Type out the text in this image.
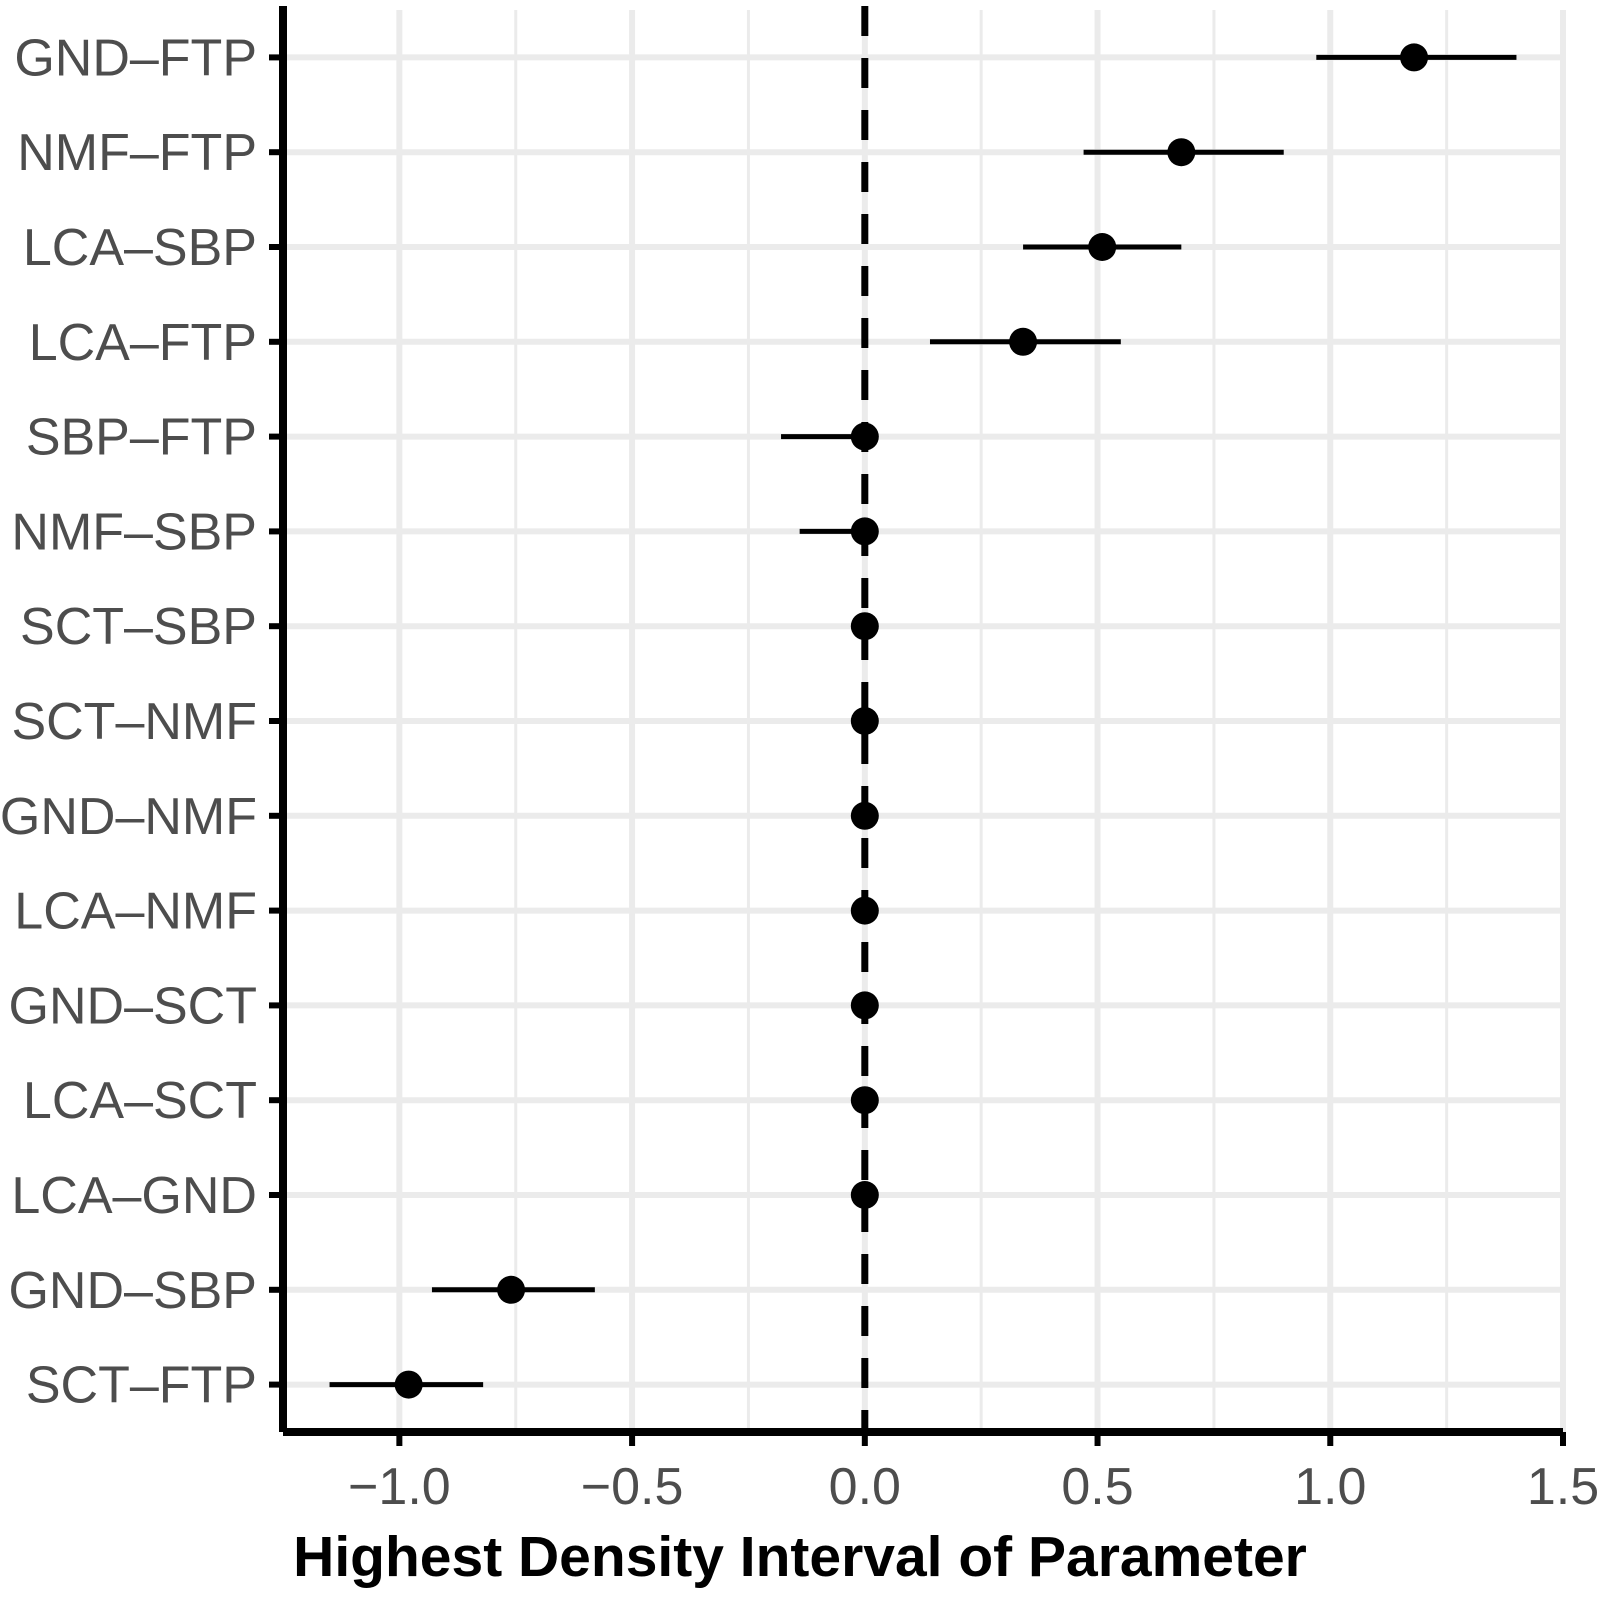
GND–FTP
NMF–FTP
LCA–SBP
LCA–FTP
SBP–FTP
NMF–SBP
SCT–SBP
SCT–NMF
GND–NMF
LCA–NMF
GND–SCT
LCA–SCT
LCA–GND
GND–SBP
SCT–FTP
−1.0	−0.5	0.0	0.5	1.0	1.5
Highest Density Interval of Parameter
